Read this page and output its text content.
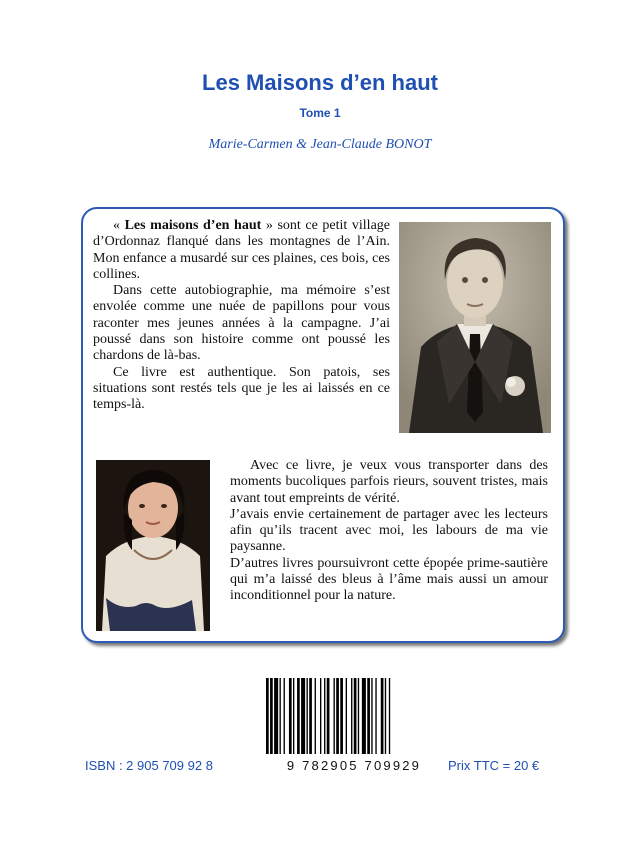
Les Maisons d’en haut
Tome 1
Marie-Carmen & Jean-Claude BONOT

« Les maisons d’en haut » sont ce petit village d’Ordonnaz flanqué dans les montagnes de l’Ain. Mon enfance a musardé sur ces plaines, ces bois, ces collines.

Dans cette autobiographie, ma mémoire s’est envolée comme une nuée de papillons pour vous raconter mes jeunes années à la campagne. J’ai poussé dans son histoire comme ont poussé les chardons de là-bas.

Ce livre est authentique. Son patois, ses situations sont restés tels que je les ai laissés en ce temps-là.

Avec ce livre, je veux vous transporter dans des moments bucoliques parfois rieurs, souvent tristes, mais avant tout empreints de vérité.

J’avais envie certainement de partager avec les lecteurs afin qu’ils tracent avec moi, les labours de ma vie paysanne.

D’autres livres poursuivront cette épopée prime-sautière qui m’a laissé des bleus à l’âme mais aussi un amour inconditionnel pour la nature.

9 782905 709929
ISBN : 2 905 709 92 8	Prix TTC = 20 €
